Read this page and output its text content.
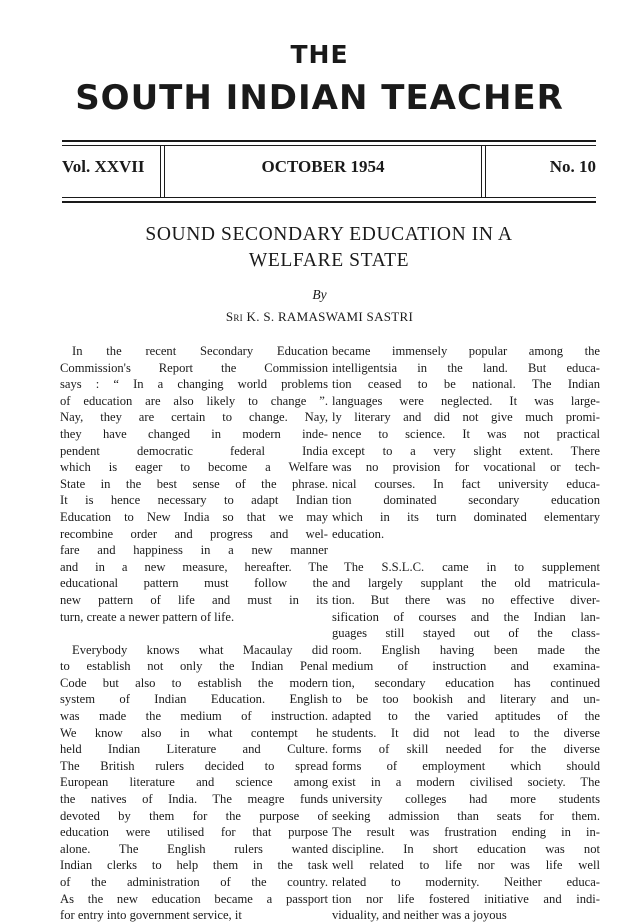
THE
SOUTH INDIAN TEACHER
Vol. XXVII	OCTOBER 1954	No. 10
SOUND SECONDARY EDUCATION IN A
WELFARE STATE
By
Sri K. S. RAMASWAMI SASTRI
In the recent Secondary Education
Commission's Report the Commission
says : “ In a changing world problems
of education are also likely to change ”.
Nay, they are certain to change. Nay,
they have changed in modern inde-
pendent democratic federal India
which is eager to become a Welfare
State in the best sense of the phrase.
It is hence necessary to adapt Indian
Education to New India so that we may
recombine order and progress and wel-
fare and happiness in a new manner
and in a new measure, hereafter. The
educational pattern must follow the
new pattern of life and must in its
turn, create a newer pattern of life.
Everybody knows what Macaulay did
to establish not only the Indian Penal
Code but also to establish the modern
system of Indian Education. English
was made the medium of instruction.
We know also in what contempt he
held Indian Literature and Culture.
The British rulers decided to spread
European literature and science among
the natives of India. The meagre funds
devoted by them for the purpose of
education were utilised for that purpose
alone. The English rulers wanted
Indian clerks to help them in the task
of the administration of the country.
As the new education became a passport
for entry into government service, it
became immensely popular among the
intelligentsia in the land. But educa-
tion ceased to be national. The Indian
languages were neglected. It was large-
ly literary and did not give much promi-
nence to science. It was not practical
except to a very slight extent. There
was no provision for vocational or tech-
nical courses. In fact university educa-
tion dominated secondary education
which in its turn dominated elementary
education.
The S.S.L.C. came in to supplement
and largely supplant the old matricula-
tion. But there was no effective diver-
sification of courses and the Indian lan-
guages still stayed out of the class-
room. English having been made the
medium of instruction and examina-
tion, secondary education has continued
to be too bookish and literary and un-
adapted to the varied aptitudes of the
students. It did not lead to the diverse
forms of skill needed for the diverse
forms of employment which should
exist in a modern civilised society. The
university colleges had more students
seeking admission than seats for them.
The result was frustration ending in in-
discipline. In short education was not
well related to life nor was life well
related to modernity. Neither educa-
tion nor life fostered initiative and indi-
viduality, and neither was a joyous
